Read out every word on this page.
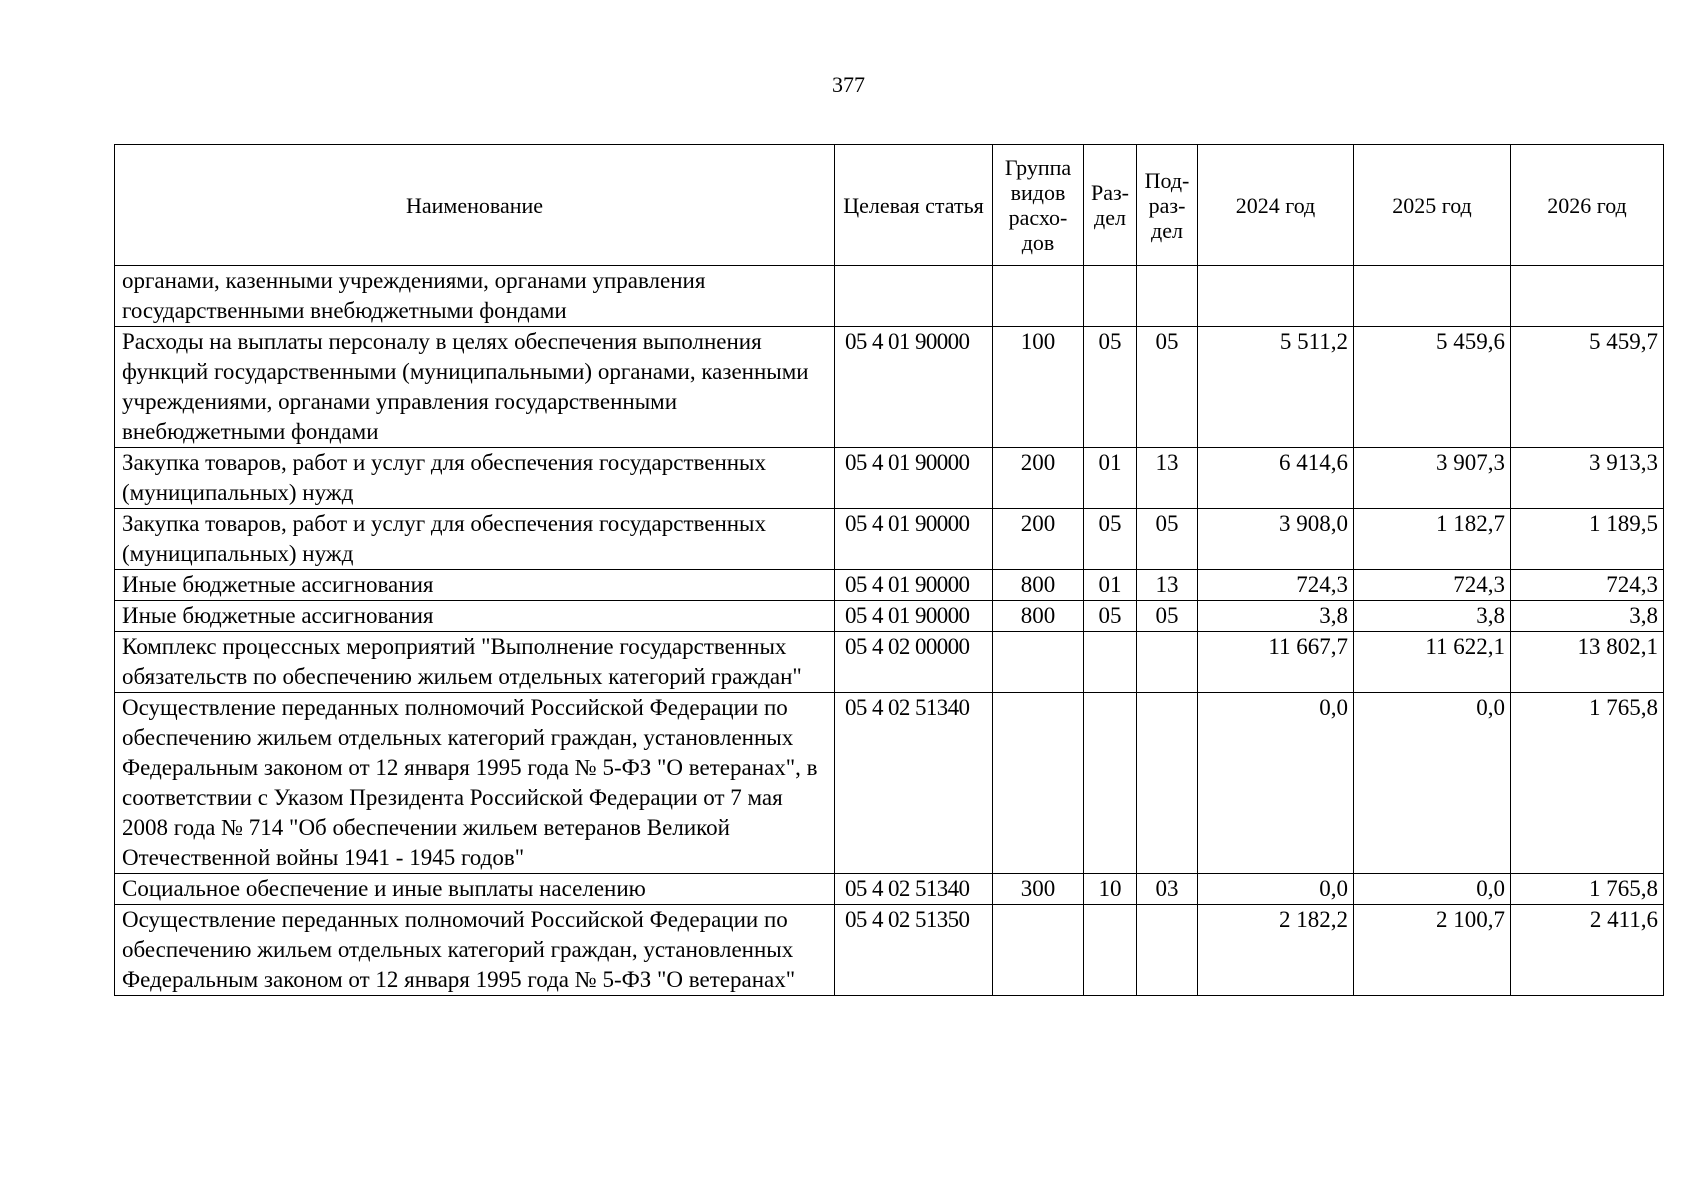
377
Наименование	Целевая статья	Группа видов расхо-дов	Раз-дел	Под-раз-дел	2024 год	2025 год	2026 год
органами, казенными учреждениями, органами управления государственными внебюджетными фондами							
Расходы на выплаты персоналу в целях обеспечения выполнения функций государственными (муниципальными) органами, казенными учреждениями, органами управления государственными внебюджетными фондами	05 4 01 90000	100	05	05	5 511,2	5 459,6	5 459,7
Закупка товаров, работ и услуг для обеспечения государственных (муниципальных) нужд	05 4 01 90000	200	01	13	6 414,6	3 907,3	3 913,3
Закупка товаров, работ и услуг для обеспечения государственных (муниципальных) нужд	05 4 01 90000	200	05	05	3 908,0	1 182,7	1 189,5
Иные бюджетные ассигнования	05 4 01 90000	800	01	13	724,3	724,3	724,3
Иные бюджетные ассигнования	05 4 01 90000	800	05	05	3,8	3,8	3,8
Комплекс процессных мероприятий "Выполнение государственных обязательств по обеспечению жильем отдельных категорий граждан"	05 4 02 00000				11 667,7	11 622,1	13 802,1
Осуществление переданных полномочий Российской Федерации по обеспечению жильем отдельных категорий граждан, установленных Федеральным законом от 12 января 1995 года № 5-ФЗ "О ветеранах", в соответствии с Указом Президента Российской Федерации от 7 мая 2008 года № 714 "Об обеспечении жильем ветеранов Великой Отечественной войны 1941 - 1945 годов"	05 4 02 51340				0,0	0,0	1 765,8
Социальное обеспечение и иные выплаты населению	05 4 02 51340	300	10	03	0,0	0,0	1 765,8
Осуществление переданных полномочий Российской Федерации по обеспечению жильем отдельных категорий граждан, установленных Федеральным законом от 12 января 1995 года № 5-ФЗ "О ветеранах"	05 4 02 51350				2 182,2	2 100,7	2 411,6
